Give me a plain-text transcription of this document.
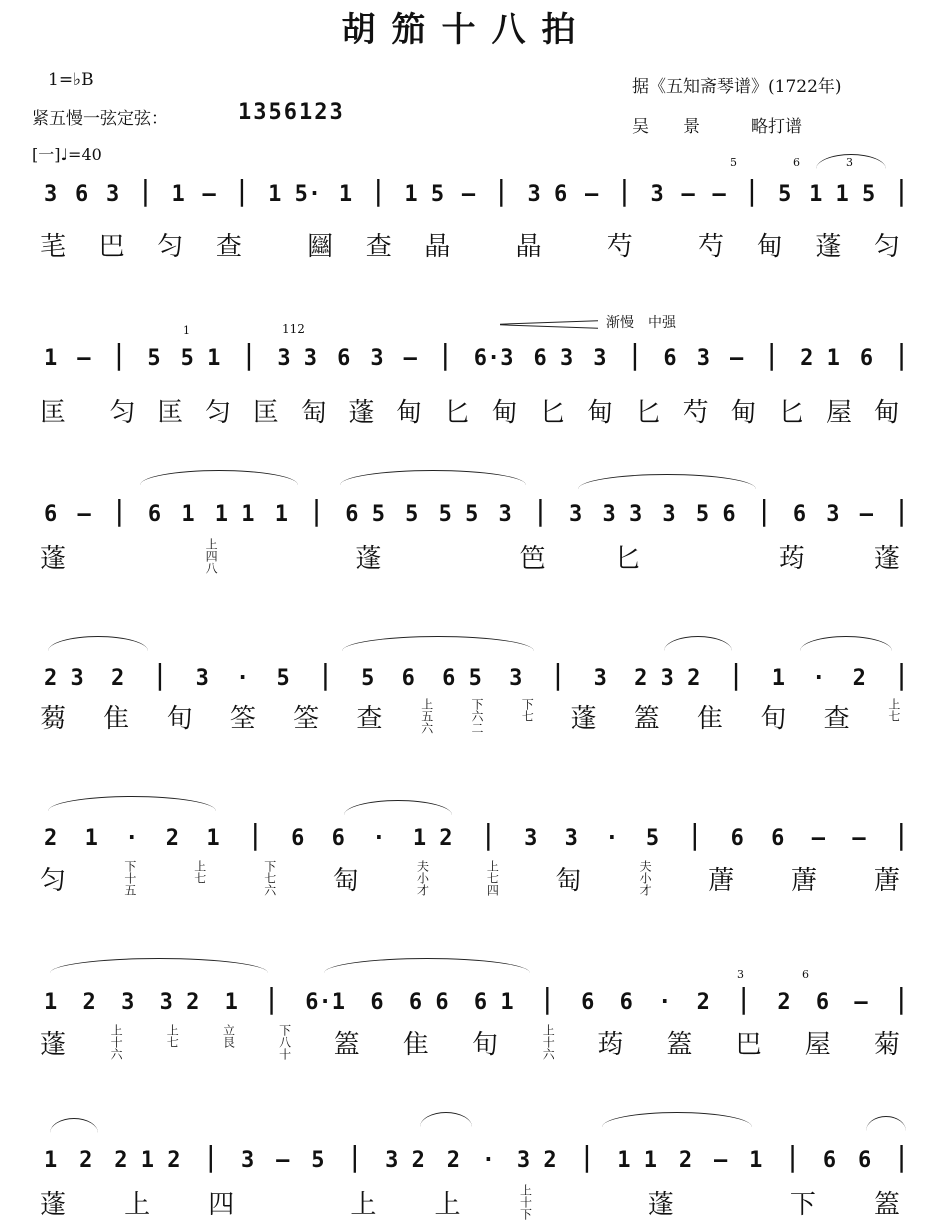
胡笳十八拍
1=♭B
紧五慢一弦定弦：	1356123
[一]♩=40
据《五知斋琴谱》(1722年)
吴　　景　　　略打谱
渐慢　中强
1	112
5	6	3
3	6
3 6 3 | 1 — | 1 5· 1 | 1 5 — | 3 6 — | 3 — — | 5 1 1 5 |
芼 巴 匀 查	圝 查 晶	晶	芍	芍 甸 蓬 匀
1 — | 5 5 1 | 3 3 6 3 — | 6·3 6 3 3 | 6 3 — | 2 1 6 |
匡 匀 匡 匀 匡 匋 蓬 甸 匕 甸 匕 甸 匕 芍 甸 匕 屋 甸
6 — | 6 1 1 1 1 | 6 5 5 5 5 3 | 3 3 3 3 5 6 | 6 3 — |
蓬	上四八	蓬	笆	匕	荺	蓬
2 3 2 | 3 · 5 | 5 6 6 5 3 | 3 2 3 2 | 1 · 2 |
蒭 隹 旬 筌 筌 查	上五六	下六二	下七 蓬 篕 隹 旬 查	上七
2 1 · 2 1 | 6 6 · 1 2 | 3 3 · 5 | 6 6 — — |
匀	下十五	上七	下七六 匋	夫小才	上七四 匋	夫小才 蓎 蓎 蓎
1 2 3 3 2 1 | 6·1 6 6 6 6 1 | 6 6 · 2 | 2 6 — |
蓬	上十六	上七	立艮	下八十 篕 隹 旬	上十六 荺 篕 巴 屋 菊
1 2 2 1 2 | 3 — 5 | 3 2 2 · 3 2 | 1 1 2 — 1 | 6 6 |
蓬 上 四	上 上	上十下	蓬	下 篕
